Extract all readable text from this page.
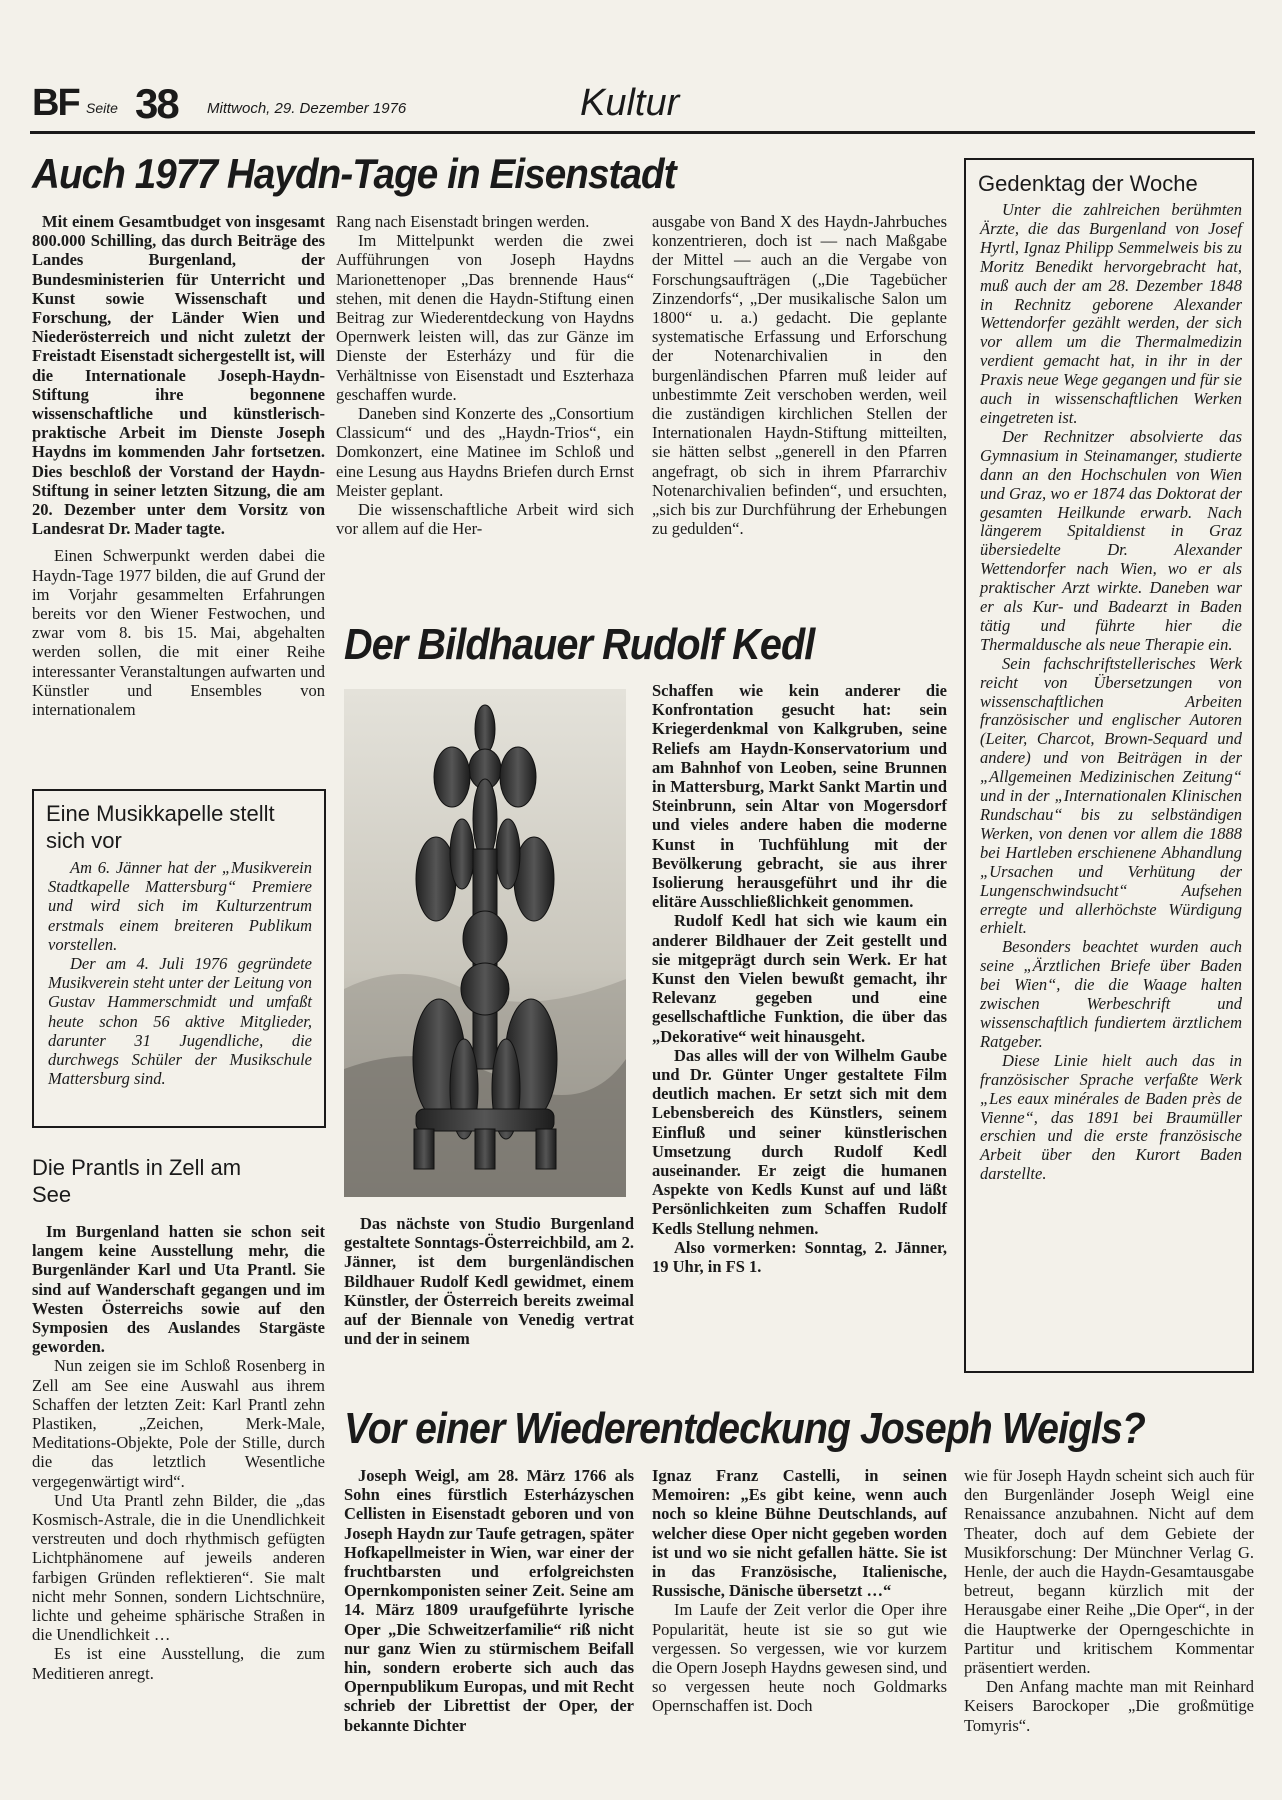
BF Seite 38 Mittwoch, 29. Dezember 1976	Kultur
Auch 1977 Haydn-Tage in Eisenstadt

Mit einem Gesamtbudget von insgesamt 800.000 Schilling, das durch Beiträge des Landes Burgenland, der Bundesministerien für Unterricht und Kunst sowie Wissenschaft und Forschung, der Länder Wien und Niederösterreich und nicht zuletzt der Freistadt Eisenstadt sichergestellt ist, will die Internationale Joseph-Haydn-Stiftung ihre begonnene wissenschaftliche und künstlerisch-praktische Arbeit im Dienste Joseph Haydns im kommenden Jahr fortsetzen. Dies beschloß der Vorstand der Haydn-Stiftung in seiner letzten Sitzung, die am 20. Dezember unter dem Vorsitz von Landesrat Dr. Mader tagte.

Einen Schwerpunkt werden dabei die Haydn-Tage 1977 bilden, die auf Grund der im Vorjahr gesammelten Erfahrungen bereits vor den Wiener Festwochen, und zwar vom 8. bis 15. Mai, abgehalten werden sollen, die mit einer Reihe interessanter Veranstaltungen aufwarten und Künstler und Ensembles von internationalem

Rang nach Eisenstadt bringen werden.

Im Mittelpunkt werden die zwei Aufführungen von Joseph Haydns Marionettenoper „Das brennende Haus“ stehen, mit denen die Haydn-Stiftung einen Beitrag zur Wiederentdeckung von Haydns Opernwerk leisten will, das zur Gänze im Dienste der Esterházy und für die Verhältnisse von Eisenstadt und Eszterhaza geschaffen wurde.

Daneben sind Konzerte des „Consortium Classicum“ und des „Haydn-Trios“, ein Domkonzert, eine Matinee im Schloß und eine Lesung aus Haydns Briefen durch Ernst Meister geplant.

Die wissenschaftliche Arbeit wird sich vor allem auf die Her-

ausgabe von Band X des Haydn-Jahrbuches konzentrieren, doch ist — nach Maßgabe der Mittel — auch an die Vergabe von Forschungsaufträgen („Die Tagebücher Zinzendorfs“, „Der musikalische Salon um 1800“ u. a.) gedacht. Die geplante systematische Erfassung und Erforschung der Notenarchivalien in den burgenländischen Pfarren muß leider auf unbestimmte Zeit verschoben werden, weil die zuständigen kirchlichen Stellen der Internationalen Haydn-Stiftung mitteilten, sie hätten selbst „generell in den Pfarren angefragt, ob sich in ihrem Pfarrarchiv Notenarchivalien befinden“, und ersuchten, „sich bis zur Durchführung der Erhebungen zu gedulden“.

Gedenktag der Woche

Unter die zahlreichen berühmten Ärzte, die das Burgenland von Josef Hyrtl, Ignaz Philipp Semmelweis bis zu Moritz Benedikt hervorgebracht hat, muß auch der am 28. Dezember 1848 in Rechnitz geborene Alexander Wettendorfer gezählt werden, der sich vor allem um die Thermalmedizin verdient gemacht hat, in ihr in der Praxis neue Wege gegangen und für sie auch in wissenschaftlichen Werken eingetreten ist.

Der Rechnitzer absolvierte das Gymnasium in Steinamanger, studierte dann an den Hochschulen von Wien und Graz, wo er 1874 das Doktorat der gesamten Heilkunde erwarb. Nach längerem Spitaldienst in Graz übersiedelte Dr. Alexander Wettendorfer nach Wien, wo er als praktischer Arzt wirkte. Daneben war er als Kur- und Badearzt in Baden tätig und führte hier die Thermaldusche als neue Therapie ein.

Sein fachschriftstellerisches Werk reicht von Übersetzungen von wissenschaftlichen Arbeiten französischer und englischer Autoren (Leiter, Charcot, Brown-Sequard und andere) und von Beiträgen in der „Allgemeinen Medizinischen Zeitung“ und in der „Internationalen Klinischen Rundschau“ bis zu selbständigen Werken, von denen vor allem die 1888 bei Hartleben erschienene Abhandlung „Ursachen und Verhütung der Lungenschwindsucht“ Aufsehen erregte und allerhöchste Würdigung erhielt.

Besonders beachtet wurden auch seine „Ärztlichen Briefe über Baden bei Wien“, die die Waage halten zwischen Werbeschrift und wissenschaftlich fundiertem ärztlichem Ratgeber.

Diese Linie hielt auch das in französischer Sprache verfaßte Werk „Les eaux minérales de Baden près de Vienne“, das 1891 bei Braumüller erschien und die erste französische Arbeit über den Kurort Baden darstellte.

Eine Musikkapelle stellt sich vor

Am 6. Jänner hat der „Musikverein Stadtkapelle Mattersburg“ Premiere und wird sich im Kulturzentrum erstmals einem breiteren Publikum vorstellen.

Der am 4. Juli 1976 gegründete Musikverein steht unter der Leitung von Gustav Hammerschmidt und umfaßt heute schon 56 aktive Mitglieder, darunter 31 Jugendliche, die durchwegs Schüler der Musikschule Mattersburg sind.

Die Prantls in Zell am See

Im Burgenland hatten sie schon seit langem keine Ausstellung mehr, die Burgenländer Karl und Uta Prantl. Sie sind auf Wanderschaft gegangen und im Westen Österreichs sowie auf den Symposien des Auslandes Stargäste geworden.

Nun zeigen sie im Schloß Rosenberg in Zell am See eine Auswahl aus ihrem Schaffen der letzten Zeit: Karl Prantl zehn Plastiken, „Zeichen, Merk-Male, Meditations-Objekte, Pole der Stille, durch die das letztlich Wesentliche vergegenwärtigt wird“.

Und Uta Prantl zehn Bilder, die „das Kosmisch-Astrale, die in die Unendlichkeit verstreuten und doch rhythmisch gefügten Lichtphänomene auf jeweils anderen farbigen Gründen reflektieren“. Sie malt nicht mehr Sonnen, sondern Lichtschnüre, lichte und geheime sphärische Straßen in die Unendlichkeit …

Es ist eine Ausstellung, die zum Meditieren anregt.

Der Bildhauer Rudolf Kedl

Das nächste von Studio Burgenland gestaltete Sonntags-Österreichbild, am 2. Jänner, ist dem burgenländischen Bildhauer Rudolf Kedl gewidmet, einem Künstler, der Österreich bereits zweimal auf der Biennale von Venedig vertrat und der in seinem

Schaffen wie kein anderer die Konfrontation gesucht hat: sein Kriegerdenkmal von Kalkgruben, seine Reliefs am Haydn-Konservatorium und am Bahnhof von Leoben, seine Brunnen in Mattersburg, Markt Sankt Martin und Steinbrunn, sein Altar von Mogersdorf und vieles andere haben die moderne Kunst in Tuchfühlung mit der Bevölkerung gebracht, sie aus ihrer Isolierung herausgeführt und ihr die elitäre Ausschließlichkeit genommen.

Rudolf Kedl hat sich wie kaum ein anderer Bildhauer der Zeit gestellt und sie mitgeprägt durch sein Werk. Er hat Kunst den Vielen bewußt gemacht, ihr Relevanz gegeben und eine gesellschaftliche Funktion, die über das „Dekorative“ weit hinausgeht.

Das alles will der von Wilhelm Gaube und Dr. Günter Unger gestaltete Film deutlich machen. Er setzt sich mit dem Lebensbereich des Künstlers, seinem Einfluß und seiner künstlerischen Umsetzung durch Rudolf Kedl auseinander. Er zeigt die humanen Aspekte von Kedls Kunst auf und läßt Persönlichkeiten zum Schaffen Rudolf Kedls Stellung nehmen.

Also vormerken: Sonntag, 2. Jänner, 19 Uhr, in FS 1.

Vor einer Wiederentdeckung Joseph Weigls?

Joseph Weigl, am 28. März 1766 als Sohn eines fürstlich Esterházyschen Cellisten in Eisenstadt geboren und von Joseph Haydn zur Taufe getragen, später Hofkapellmeister in Wien, war einer der fruchtbarsten und erfolgreichsten Opernkomponisten seiner Zeit. Seine am 14. März 1809 uraufgeführte lyrische Oper „Die Schweitzerfamilie“ riß nicht nur ganz Wien zu stürmischem Beifall hin, sondern eroberte sich auch das Opernpublikum Europas, und mit Recht schrieb der Librettist der Oper, der bekannte Dichter

Ignaz Franz Castelli, in seinen Memoiren: „Es gibt keine, wenn auch noch so kleine Bühne Deutschlands, auf welcher diese Oper nicht gegeben worden ist und wo sie nicht gefallen hätte. Sie ist in das Französische, Italienische, Russische, Dänische übersetzt …“

Im Laufe der Zeit verlor die Oper ihre Popularität, heute ist sie so gut wie vergessen. So vergessen, wie vor kurzem die Opern Joseph Haydns gewesen sind, und so vergessen heute noch Goldmarks Opernschaffen ist. Doch

wie für Joseph Haydn scheint sich auch für den Burgenländer Joseph Weigl eine Renaissance anzubahnen. Nicht auf dem Theater, doch auf dem Gebiete der Musikforschung: Der Münchner Verlag G. Henle, der auch die Haydn-Gesamtausgabe betreut, begann kürzlich mit der Herausgabe einer Reihe „Die Oper“, in der die Hauptwerke der Operngeschichte in Partitur und kritischem Kommentar präsentiert werden.

Den Anfang machte man mit Reinhard Keisers Barockoper „Die großmütige Tomyris“.
